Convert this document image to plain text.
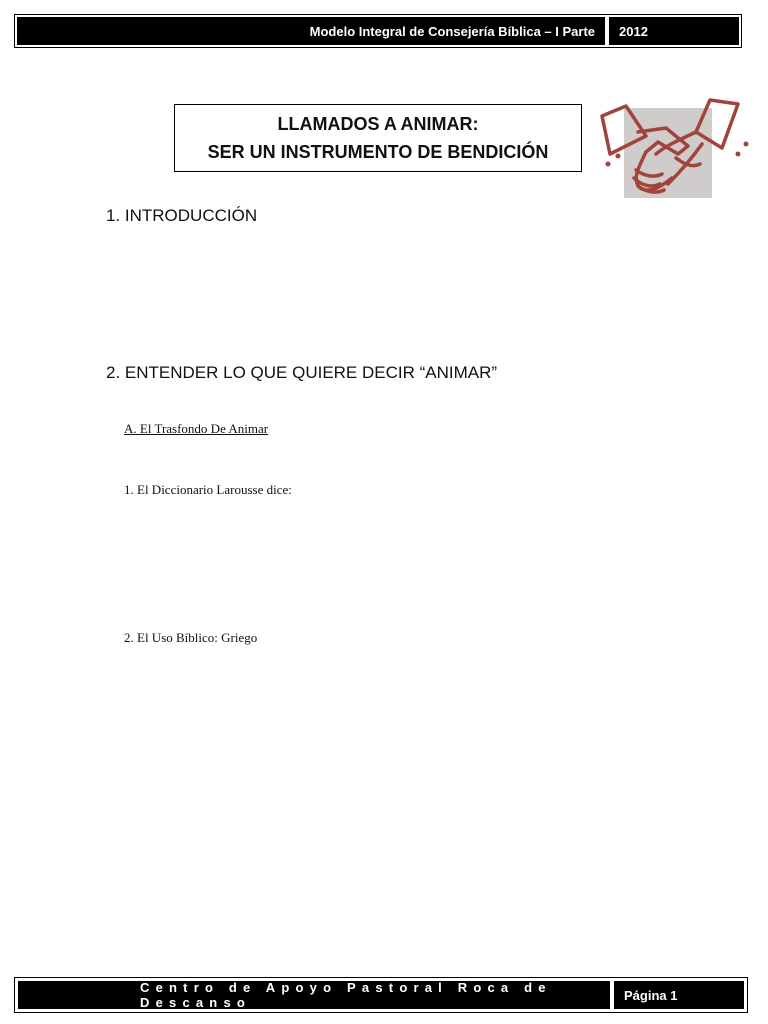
Modelo Integral de Consejería Bíblica – I Parte	2012
LLAMADOS A ANIMAR:
SER UN INSTRUMENTO DE BENDICIÓN
1. INTRODUCCIÓN
2. ENTENDER LO QUE QUIERE DECIR “ANIMAR”
A. El Trasfondo De Animar
1. El Diccionario Larousse dice:
2. El Uso Bíblico: Griego
Centro de Apoyo Pastoral Roca de Descanso	Página 1
